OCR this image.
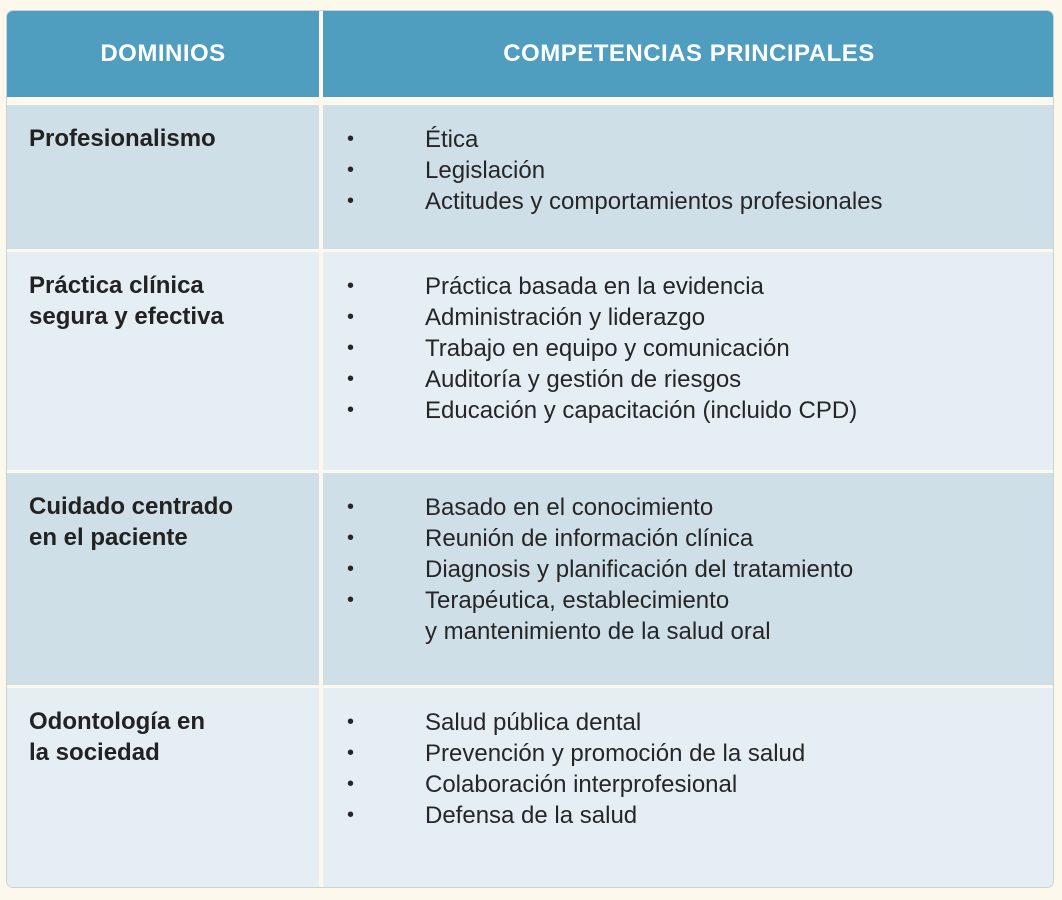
DOMINIOS	COMPETENCIAS PRINCIPALES
Profesionalismo	•	Ética
•	Legislación
•	Actitudes y comportamientos profesionales
Práctica clínica
segura y efectiva
•	Práctica basada en la evidencia
•	Administración y liderazgo
•	Trabajo en equipo y comunicación
•	Auditoría y gestión de riesgos
•	Educación y capacitación (incluido CPD)
Cuidado centrado
en el paciente
•	Basado en el conocimiento
•	Reunión de información clínica
•	Diagnosis y planificación del tratamiento
•	Terapéutica, establecimiento
y mantenimiento de la salud oral
Odontología en
la sociedad
•	Salud pública dental
•	Prevención y promoción de la salud
•	Colaboración interprofesional
•	Defensa de la salud
